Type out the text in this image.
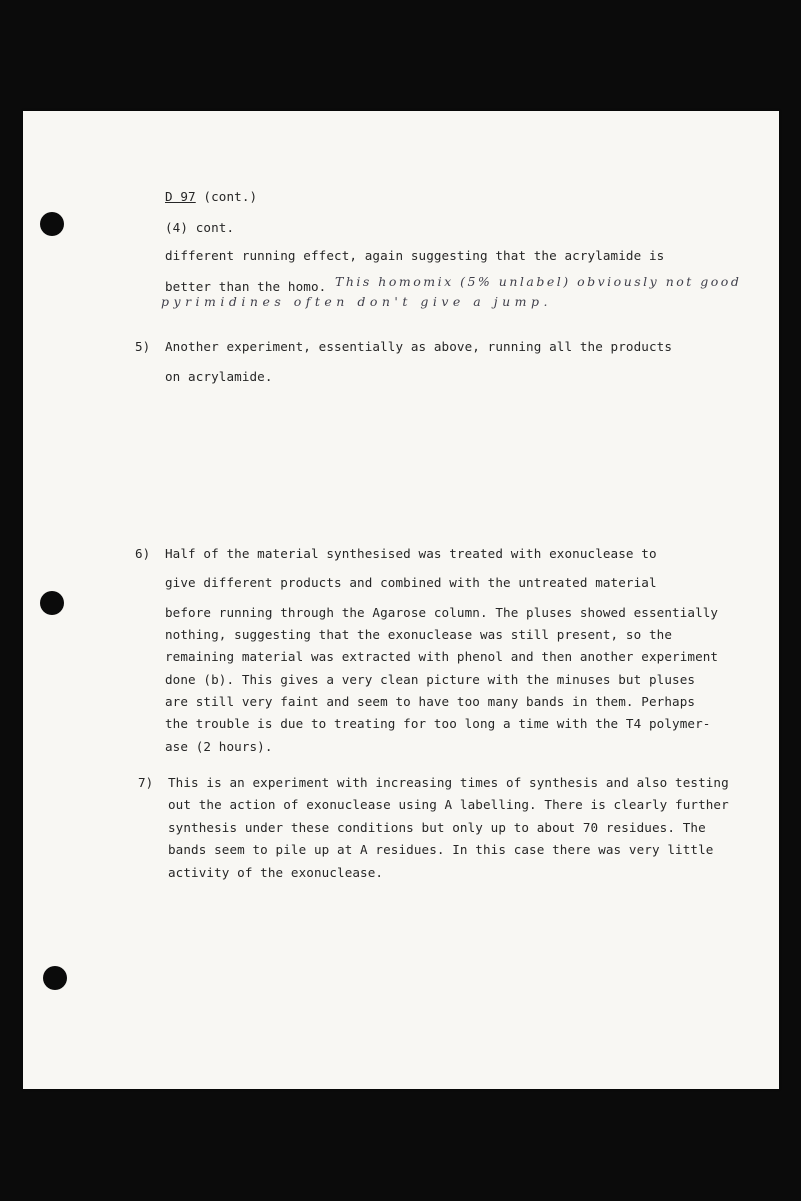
D 97 (cont.)

(4) cont.

different running effect, again suggesting that the acrylamide is

better than the homo. This homomix (5% unlabel) obviously not good
pyrimidines often don't give a jump.

5) Another experiment, essentially as above, running all the products

on acrylamide.

6) Half of the material synthesised was treated with exonuclease to

give different products and combined with the untreated material

before running through the Agarose column. The pluses showed essentially

nothing, suggesting that the exonuclease was still present, so the

remaining material was extracted with phenol and then another experiment

done (b). This gives a very clean picture with the minuses but pluses

are still very faint and seem to have too many bands in them. Perhaps

the trouble is due to treating for too long a time with the T4 polymer-

ase (2 hours).

7) This is an experiment with increasing times of synthesis and also testing

out the action of exonuclease using A labelling. There is clearly further

synthesis under these conditions but only up to about 70 residues. The

bands seem to pile up at A residues. In this case there was very little

activity of the exonuclease.
